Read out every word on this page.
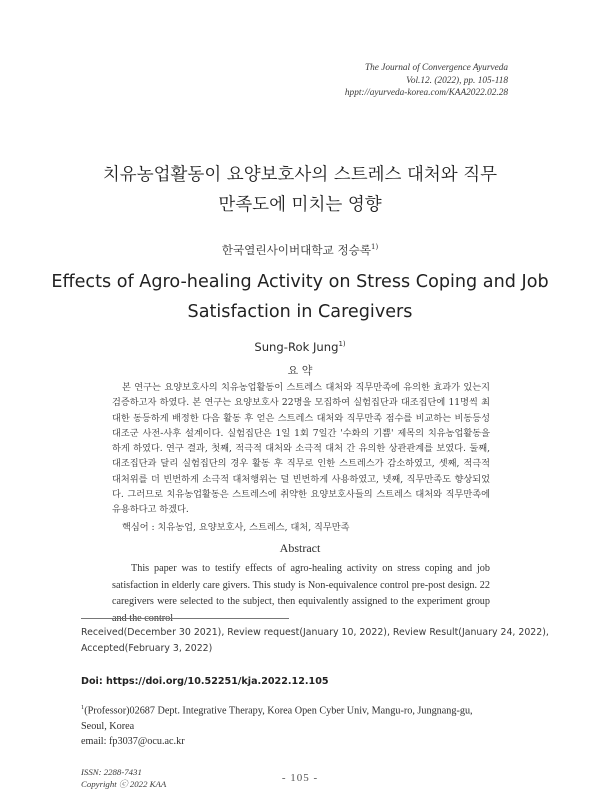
The Journal of Convergence Ayurveda
Vol.12. (2022), pp. 105-118
hppt://ayurveda-korea.com/KAA2022.02.28
치유농업활동이 요양보호사의 스트레스 대처와 직무
만족도에 미치는 영향
한국열린사이버대학교 정승록$^{1)}$
Effects of Agro-healing Activity on Stress Coping and Job
Satisfaction in Caregivers
Sung-Rok Jung$^{1)}$
요 약
본 연구는 요양보호사의 치유농업활동이 스트레스 대처와 직무만족에 유의한 효과가 있는지 검증하고자 하였다. 본 연구는 요양보호사 22명을 모집하여 실험집단과 대조집단에 11명씩 최대한 동등하게 배정한 다음 활동 후 얻은 스트레스 대처와 직무만족 점수를 비교하는 비동등성 대조군 사전-사후 설계이다. 실험집단은 1일 1회 7일간 '수화의 기쁨' 제목의 치유농업활동을 하게 하였다. 연구 결과, 첫째, 적극적 대처와 소극적 대처 간 유의한 상관관계를 보였다. 둘째, 대조집단과 달리 실험집단의 경우 활동 후 직무로 인한 스트레스가 감소하였고, 셋째, 적극적 대처위를 더 빈번하게 소극적 대처행위는 덜 빈번하게 사용하였고, 넷째, 직무만족도 향상되었다. 그러므로 치유농업활동은 스트레스에 취약한 요양보호사들의 스트레스 대처와 직무만족에 유용하다고 하겠다.
핵심어 : 치유농업, 요양보호사, 스트레스, 대처, 직무만족
Abstract
This paper was to testify effects of agro-healing activity on stress coping and job satisfaction in elderly care givers. This study is Non-equivalence control pre-post design. 22 caregivers were selected to the subject, then equivalently assigned to the experiment group and the control
Received(December 30 2021), Review request(January 10, 2022), Review Result(January 24, 2022),
Accepted(February 3, 2022)
Doi: https://doi.org/10.52251/kja.2022.12.105
$^1$(Professor)02687 Dept. Integrative Therapy, Korea Open Cyber Univ, Mangu-ro, Jungnang-gu,
Seoul, Korea
email: fp3037@ocu.ac.kr
ISSN: 2288-7431
Copyright ⓒ 2022 KAA
- 105 -
